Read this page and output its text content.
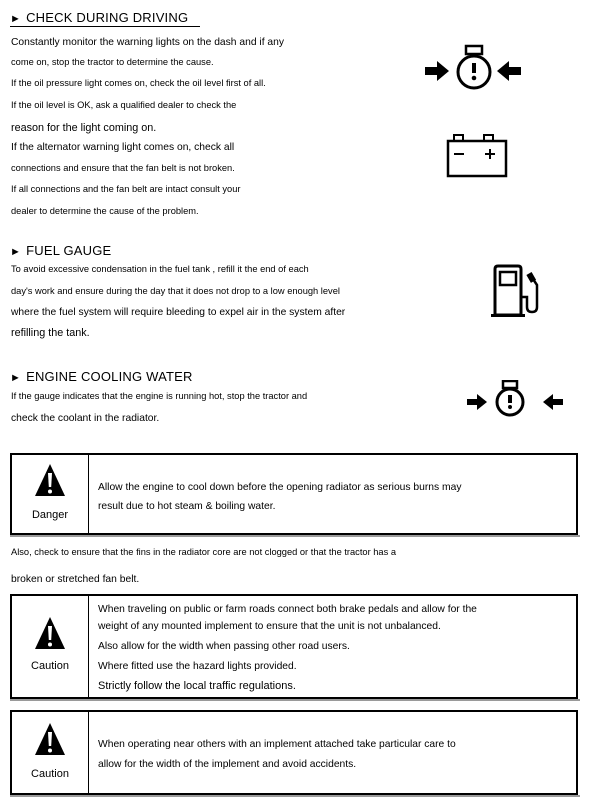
► CHECK DURING DRIVING
Constantly monitor the warning lights on the dash and if any
come on, stop the tractor to determine the cause.
If the oil pressure light comes on, check the oil level first of all.
If the oil level is OK, ask a qualified dealer to check the
reason for the light coming on.
If the alternator warning light comes on, check all
connections and ensure that the fan belt is not broken.
If all connections and the fan belt are intact consult your
dealer to determine the cause of the problem.
► FUEL GAUGE
To avoid excessive condensation in the fuel tank , refill it the end of each
day's work and ensure during the day that it does not drop to a low enough level
where the fuel system will require bleeding to expel air in the system after
refilling the tank.
► ENGINE COOLING WATER
If the gauge indicates that the engine is running hot, stop the tractor and
check the coolant in the radiator.
Danger
Allow the engine to cool down before the opening radiator as serious burns may
result due to hot steam & boiling water.
Also, check to ensure that the fins in the radiator core are not clogged or that the tractor has a
broken or stretched fan belt.
Caution
When traveling on public or farm roads connect both brake pedals and allow for the
weight of any mounted implement to ensure that the unit is not unbalanced.
Also allow for the width when passing other road users.
Where fitted use the hazard lights provided.
Strictly follow the local traffic regulations.
Caution
When operating near others with an implement attached take particular care to
allow for the width of the implement and avoid accidents.
